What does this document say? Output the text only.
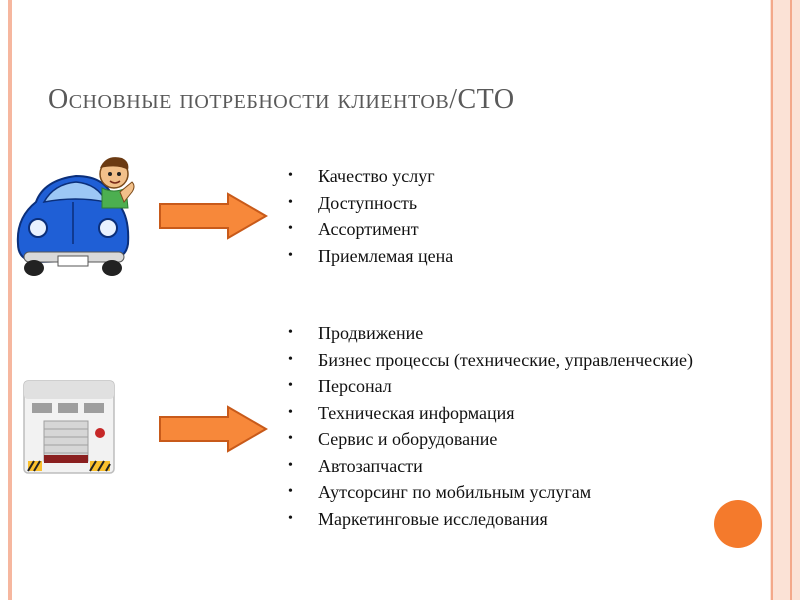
Основные потребности клиентов/СТО
• Качество услуг
• Доступность
• Ассортимент
• Приемлемая цена
• Продвижение
• Бизнес процессы (технические, управленческие)
• Персонал
• Техническая информация
• Сервис и оборудование
• Автозапчасти
• Аутсорсинг по мобильным услугам
• Маркетинговые исследования
